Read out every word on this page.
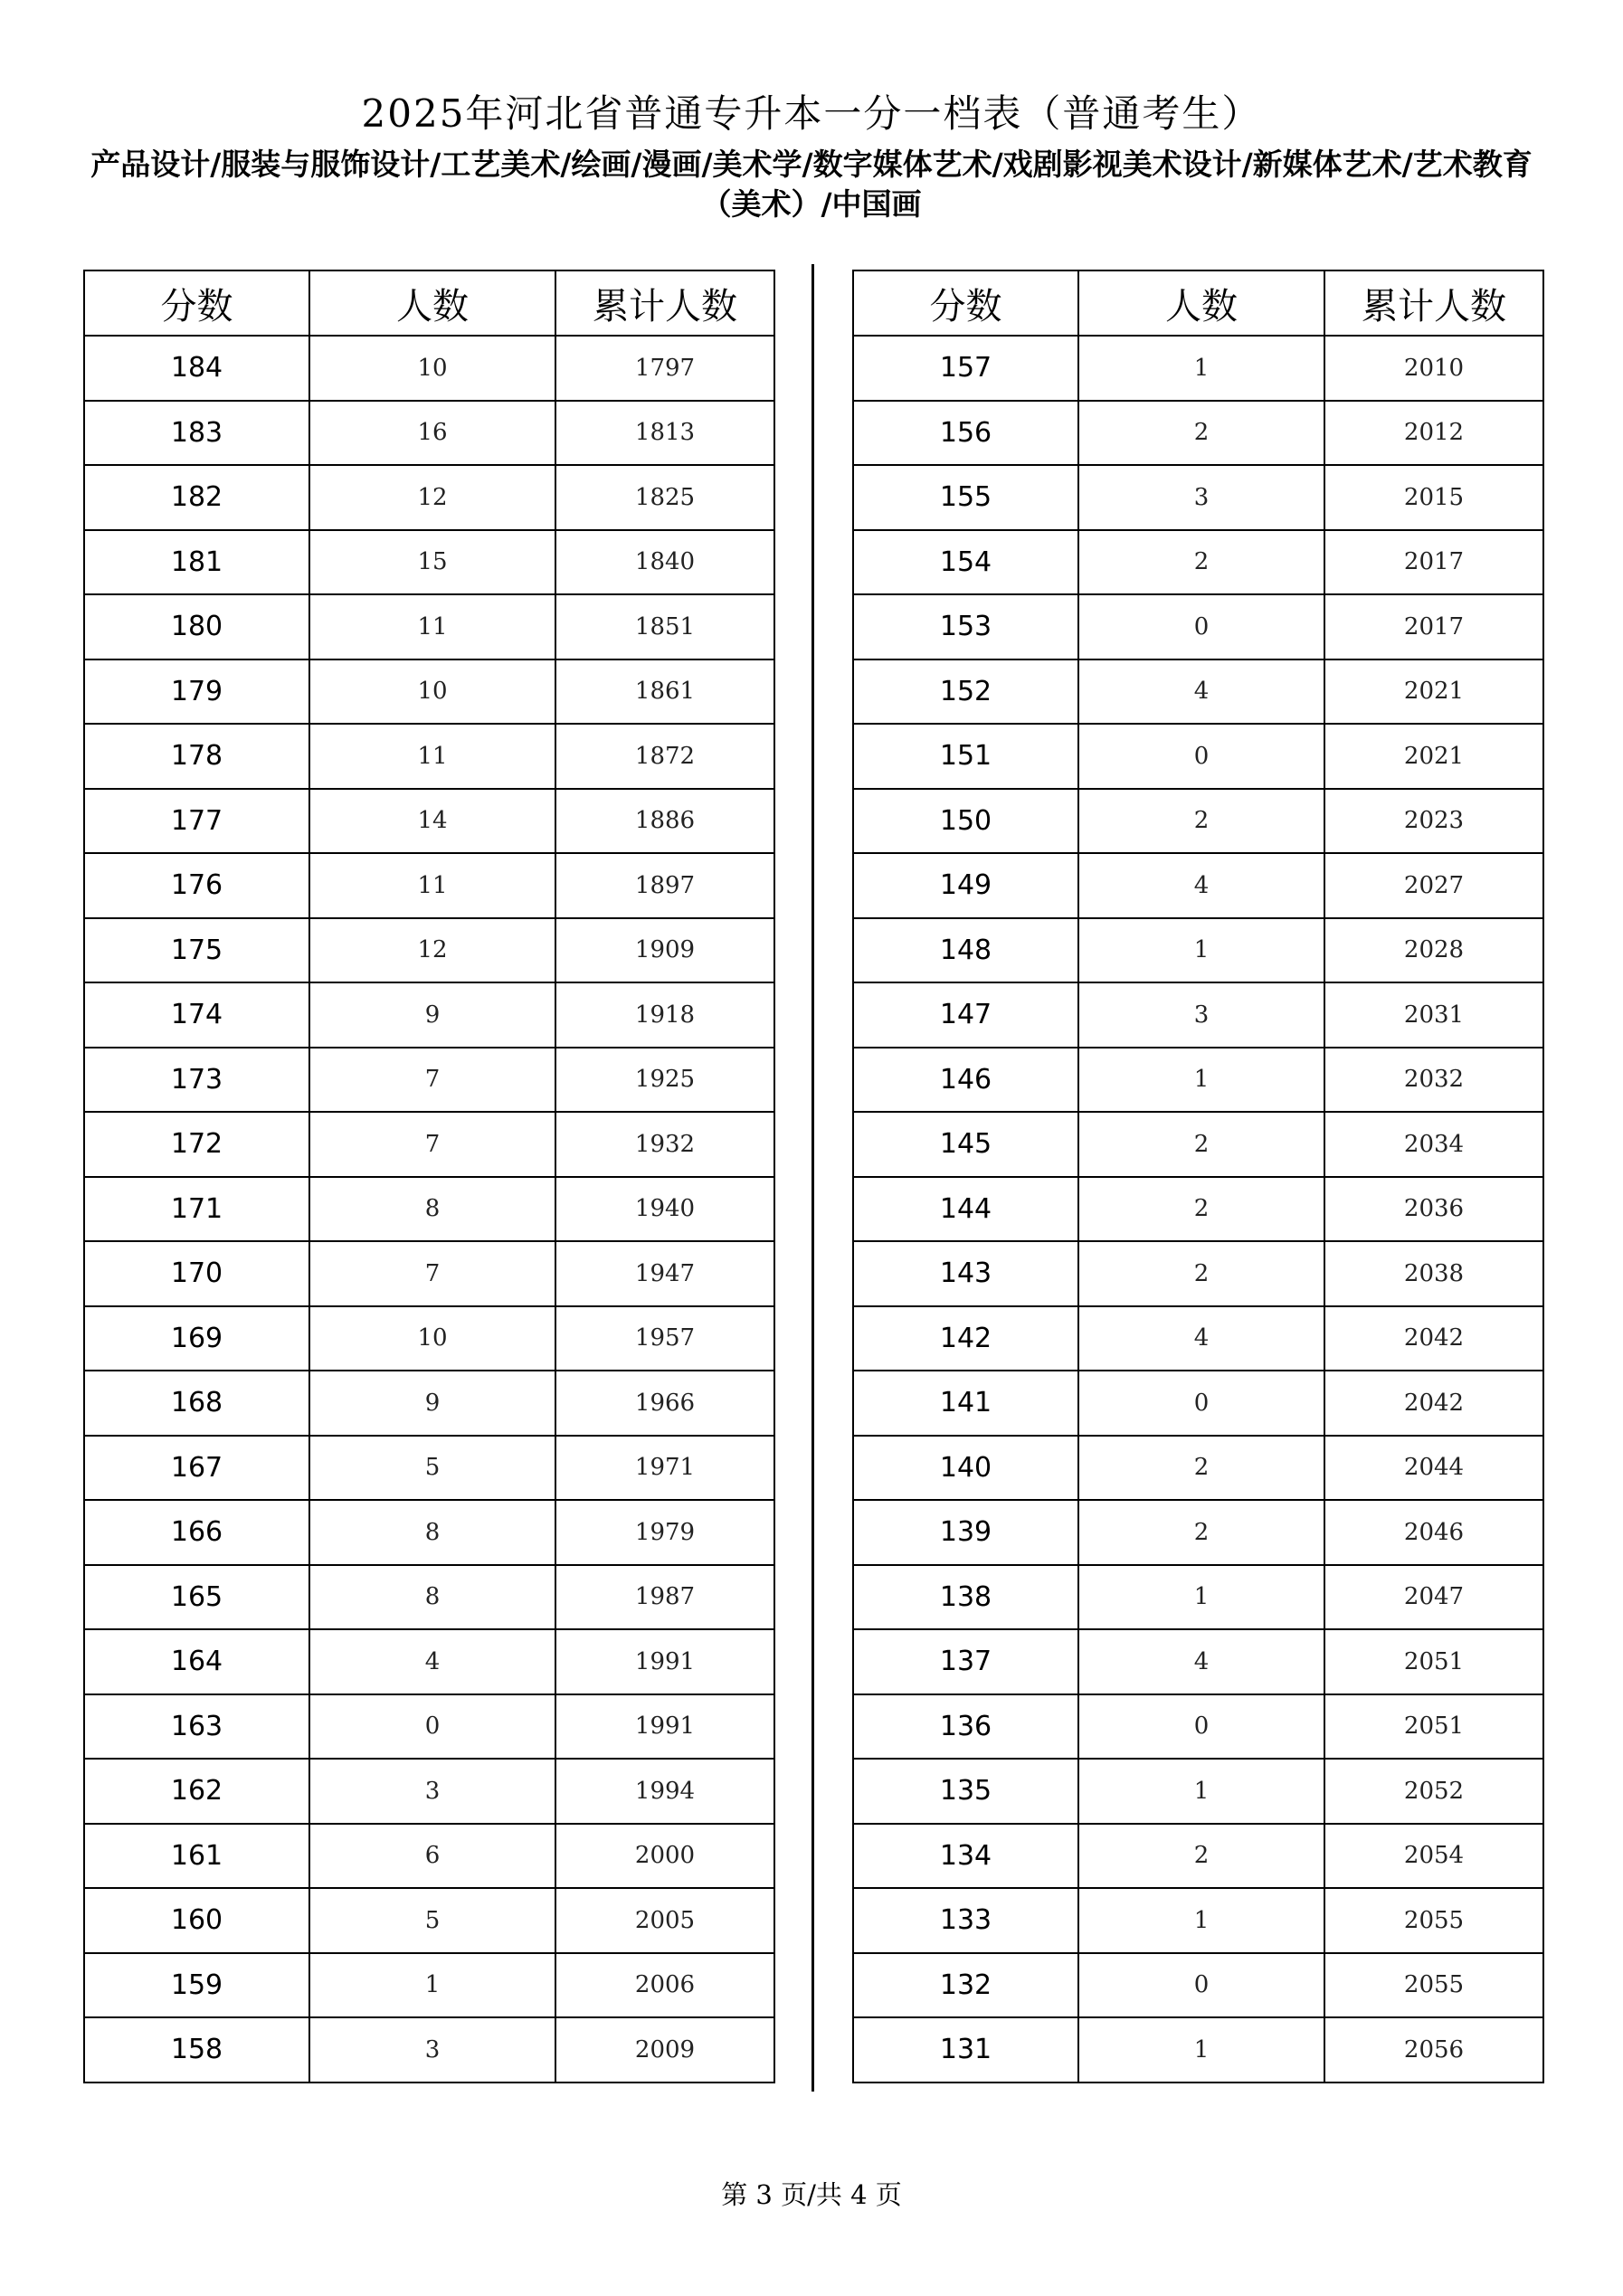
2025年河北省普通专升本一分一档表（普通考生）
产品设计/服装与服饰设计/工艺美术/绘画/漫画/美术学/数字媒体艺术/戏剧影视美术设计/新媒体艺术/艺术教育（美术）/中国画
分数	人数	累计人数
184	10	1797
183	16	1813
182	12	1825
181	15	1840
180	11	1851
179	10	1861
178	11	1872
177	14	1886
176	11	1897
175	12	1909
174	9	1918
173	7	1925
172	7	1932
171	8	1940
170	7	1947
169	10	1957
168	9	1966
167	5	1971
166	8	1979
165	8	1987
164	4	1991
163	0	1991
162	3	1994
161	6	2000
160	5	2005
159	1	2006
158	3	2009
分数	人数	累计人数
157	1	2010
156	2	2012
155	3	2015
154	2	2017
153	0	2017
152	4	2021
151	0	2021
150	2	2023
149	4	2027
148	1	2028
147	3	2031
146	1	2032
145	2	2034
144	2	2036
143	2	2038
142	4	2042
141	0	2042
140	2	2044
139	2	2046
138	1	2047
137	4	2051
136	0	2051
135	1	2052
134	2	2054
133	1	2055
132	0	2055
131	1	2056
第 3 页/共 4 页
